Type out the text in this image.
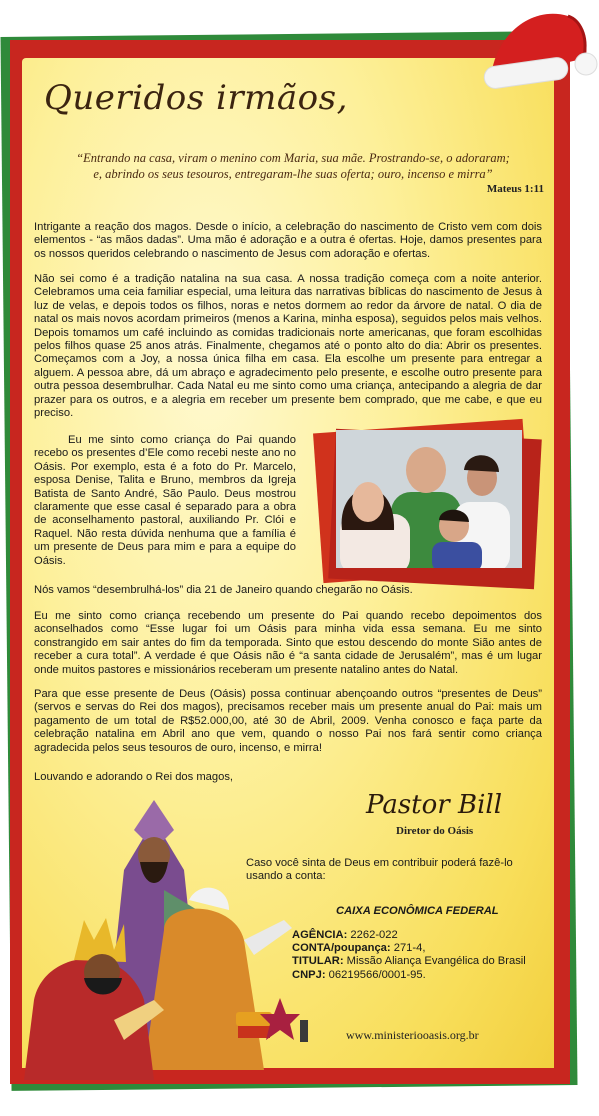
Queridos irmãos,
“Entrando na casa, viram o menino com Maria, sua mãe. Prostrando-se, o adoraram;
e, abrindo os seus tesouros, entregaram-lhe suas oferta; ouro, incenso e mirra”
Mateus 1:11

Intrigante a reação dos magos. Desde o início, a celebração do nascimento de Cristo vem com dois elementos - “as mãos dadas”. Uma mão é adoração e a outra é ofertas. Hoje, damos presentes para os nossos queridos celebrando o nascimento de Jesus com adoração e ofertas.

Não sei como é a tradição natalina na sua casa. A nossa tradição começa com a noite anterior. Celebramos uma ceia familiar especial, uma leitura das narrativas bíblicas do nascimento de Jesus à luz de velas, e depois todos os filhos, noras e netos dormem ao redor da árvore de natal. O dia de natal os mais novos acordam primeiros (menos a Karina, minha esposa), seguidos pelos mais velhos. Depois tomamos um café incluindo as comidas tradicionais norte americanas, que foram escolhidas pelos filhos quase 25 anos atrás. Finalmente, chegamos até o ponto alto do dia: Abrir os presentes. Começamos com a Joy, a nossa única filha em casa. Ela escolhe um presente para entregar a alguem. A pessoa abre, dá um abraço e agradecimento pelo presente, e escolhe outro presente para outra pessoa desembrulhar. Cada Natal eu me sinto como uma criança, antecipando a alegria de dar prazer para os outros, e a alegria em receber um presente bem comprado, que me cabe, e que eu preciso.

Eu me sinto como criança do Pai quando recebo os presentes d’Ele como recebi neste ano no Oásis. Por exemplo, esta é a foto do Pr. Marcelo, esposa Denise, Talita e Bruno, membros da Igreja Batista de Santo André, São Paulo. Deus mostrou claramente que esse casal é separado para a obra de aconselhamento pastoral, auxiliando Pr. Clói e Raquel. Não resta dúvida nenhuma que a família é um presente de Deus para mim e para a equipe do Oásis.

Nós vamos “desembrulhá-los” dia 21 de Janeiro quando chegarão no Oásis.

Eu me sinto como criança recebendo um presente do Pai quando recebo depoimentos dos aconselhados como “Esse lugar foi um Oásis para minha vida essa semana. Eu me sinto constrangido em sair antes do fim da temporada. Sinto que estou descendo do monte Sião antes de receber a cura total”. A verdade é que Oásis não é “a santa cidade de Jerusalém”, mas é um lugar onde muitos pastores e missionários receberam um presente natalino antes do Natal.

Para que esse presente de Deus (Oásis) possa continuar abençoando outros “presentes de Deus” (servos e servas do Rei dos magos), precisamos receber mais um presente anual do Pai: mais um pagamento de um total de R$52.000,00, até 30 de Abril, 2009. Venha conosco e faça parte da celebração natalina em Abril ano que vem, quando o nosso Pai nos fará sentir como criança agradecida pelos seus tesouros de ouro, incenso, e mirra!

Louvando e adorando o Rei dos magos,

Pastor Bill
Diretor do Oásis
Caso você sinta de Deus em contribuir poderá fazê-lo usando a conta:
CAIXA ECONÔMICA FEDERAL
AGÊNCIA: 2262-022
CONTA/poupança: 271-4,
TITULAR: Missão Aliança Evangélica do Brasil
CNPJ: 06219566/0001-95.
www.ministeriooasis.org.br
